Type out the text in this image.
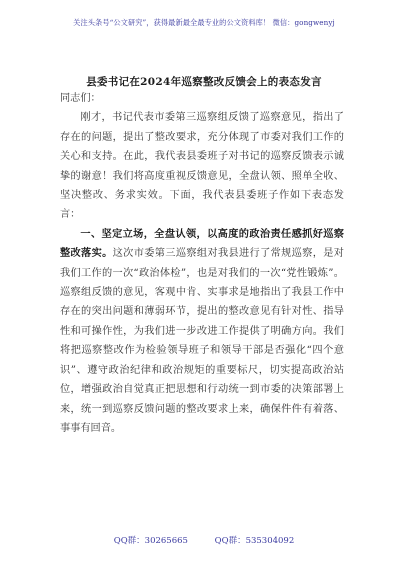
关注头条号“公文研究”，获得最新最全最专业的公文资料库！ 微信：gongwenyj
县委书记在2024年巡察整改反馈会上的表态发言

同志们：

刚才，书记代表市委第三巡察组反馈了巡察意见，指出了存在的问题，提出了整改要求，充分体现了市委对我们工作的关心和支持。在此，我代表县委班子对书记的巡察反馈表示诚挚的谢意！我们将高度重视反馈意见，全盘认领、照单全收、坚决整改、务求实效。下面，我代表县委班子作如下表态发言：

一、坚定立场，全盘认领，以高度的政治责任感抓好巡察整改落实。这次市委第三巡察组对我县进行了常规巡察，是对我们工作的一次“政治体检”，也是对我们的一次“党性锻炼”。巡察组反馈的意见，客观中肯、实事求是地指出了我县工作中存在的突出问题和薄弱环节，提出的整改意见有针对性、指导性和可操作性，为我们进一步改进工作提供了明确方向。我们将把巡察整改作为检验领导班子和领导干部是否强化“四个意识”、遵守政治纪律和政治规矩的重要标尺，切实提高政治站位，增强政治自觉真正把思想和行动统一到市委的决策部署上来，统一到巡察反馈问题的整改要求上来，确保件件有着落、事事有回音。

QQ群：30265665	QQ群：535304092
